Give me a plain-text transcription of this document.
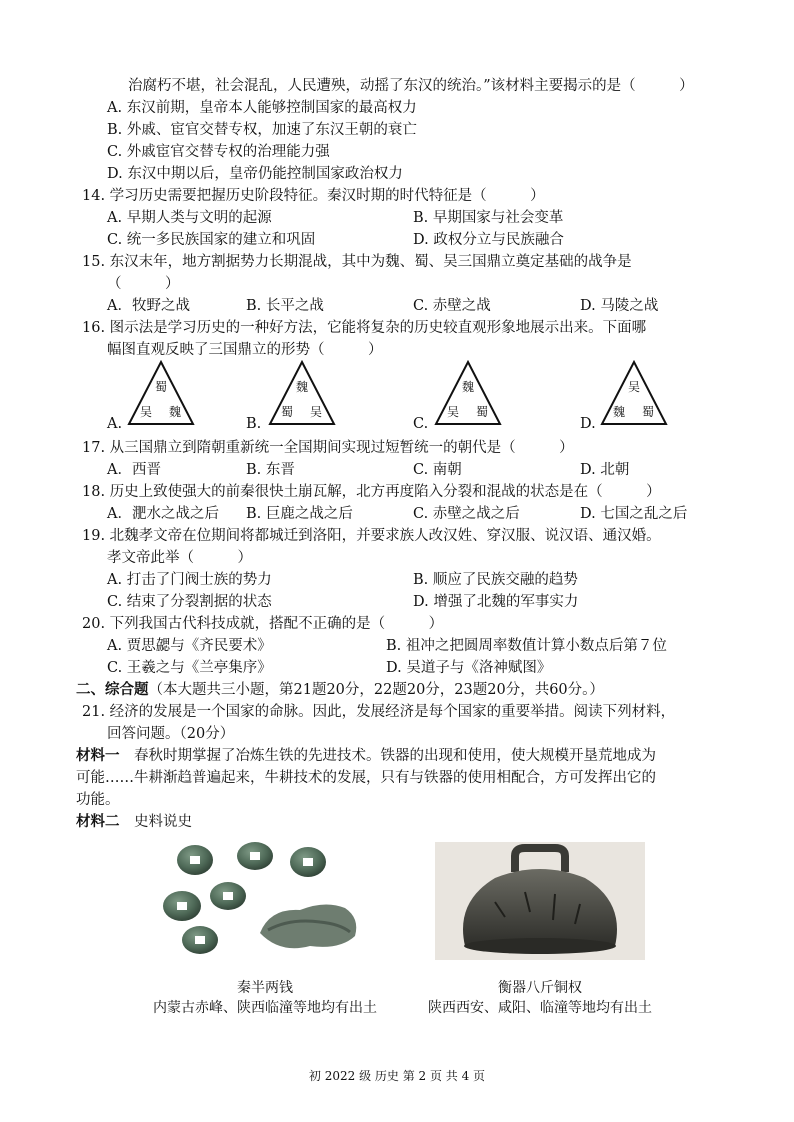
治腐朽不堪，社会混乱，人民遭殃，动摇了东汉的统治。”该材料主要揭示的是（　　　）
A. 东汉前期，皇帝本人能够控制国家的最高权力
B. 外戚、宦官交替专权，加速了东汉王朝的衰亡
C. 外戚宦官交替专权的治理能力强
D. 东汉中期以后，皇帝仍能控制国家政治权力
14. 学习历史需要把握历史阶段特征。秦汉时期的时代特征是（　　　）
A. 早期人类与文明的起源	B. 早期国家与社会变革
C. 统一多民族国家的建立和巩固	D. 政权分立与民族融合
15. 东汉末年，地方割据势力长期混战，其中为魏、蜀、吴三国鼎立奠定基础的战争是
（　　　）
A．牧野之战	B. 长平之战	C. 赤壁之战	D. 马陵之战
16. 图示法是学习历史的一种好方法，它能将复杂的历史较直观形象地展示出来。下面哪
幅图直观反映了三国鼎立的形势（　　　）
A.
蜀
吴 魏
B.
魏
蜀 吴
C.
魏
吴 蜀
D.
吴
魏 蜀
17. 从三国鼎立到隋朝重新统一全国期间实现过短暂统一的朝代是（　　　）
A．西晋	B. 东晋	C. 南朝	D. 北朝
18. 历史上致使强大的前秦很快土崩瓦解，北方再度陷入分裂和混战的状态是在（　　　）
A．淝水之战之后 B. 巨鹿之战之后	C. 赤壁之战之后	D. 七国之乱之后
19. 北魏孝文帝在位期间将都城迁到洛阳，并要求族人改汉姓、穿汉服、说汉语、通汉婚。
孝文帝此举（　　　）
A. 打击了门阀士族的势力	B. 顺应了民族交融的趋势
C. 结束了分裂割据的状态	D. 增强了北魏的军事实力
20. 下列我国古代科技成就，搭配不正确的是（　　　）
A. 贾思勰与《齐民要术》	B. 祖冲之把圆周率数值计算小数点后第７位
C. 王羲之与《兰亭集序》	D. 吴道子与《洛神赋图》
二、综合题（本大题共三小题，第21题20分，22题20分，23题20分，共60分。）
21. 经济的发展是一个国家的命脉。因此，发展经济是每个国家的重要举措。阅读下列材料，
回答问题。（20分）
材料一　春秋时期掌握了冶炼生铁的先进技术。铁器的出现和使用，使大规模开垦荒地成为
可能……牛耕渐趋普遍起来，牛耕技术的发展，只有与铁器的使用相配合，方可发挥出它的
功能。
材料二　史料说史
秦半两钱
内蒙古赤峰、陕西临潼等地均有出土
衡器八斤铜权
陕西西安、咸阳、临潼等地均有出土
初 2022 级 历史 第 2 页 共 4 页
